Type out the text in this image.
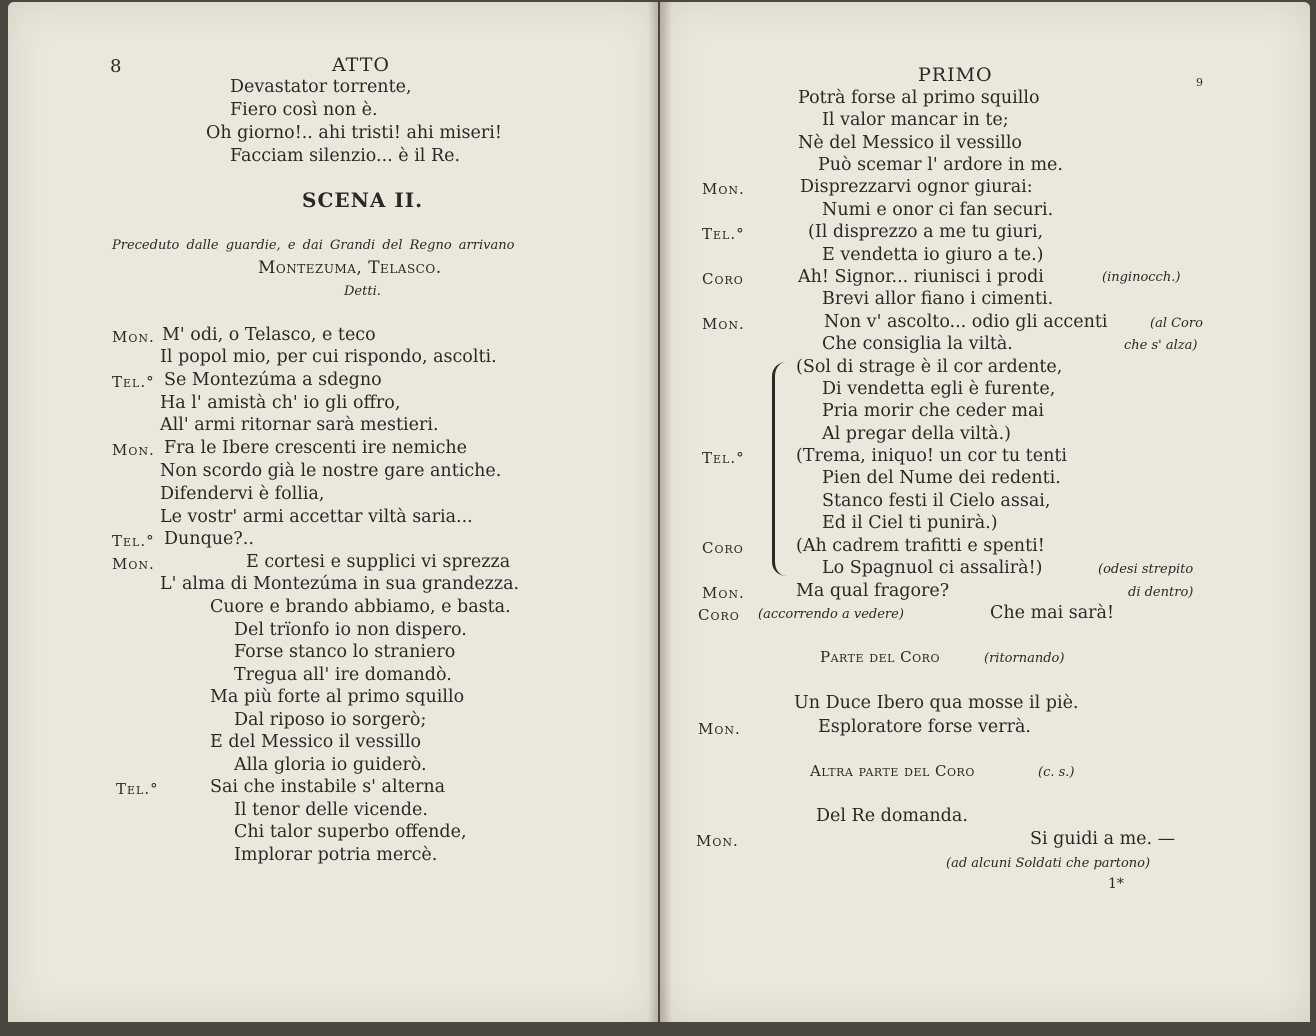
8	ATTO
Devastator torrente,
Fiero così non è.
Oh giorno!.. ahi tristi! ahi miseri!
Facciam silenzio... è il Re.
SCENA II.
Preceduto dalle guardie, e dai Grandi del Regno arrivano
Montezuma, Telasco.
Detti.
Mon. M' odi, o Telasco, e teco
Il popol mio, per cui rispondo, ascolti.
Tel.° Se Montezúma a sdegno
Ha l' amistà ch' io gli offro,
All' armi ritornar sarà mestieri.
Mon. Fra le Ibere crescenti ire nemiche
Non scordo già le nostre gare antiche.
Difendervi è follia,
Le vostr' armi accettar viltà saria...
Tel.° Dunque?..
Mon.	E cortesi e supplici vi sprezza
L' alma di Montezúma in sua grandezza.
Cuore e brando abbiamo, e basta.
Del trïonfo io non dispero.
Forse stanco lo straniero
Tregua all' ire domandò.
Ma più forte al primo squillo
Dal riposo io sorgerò;
E del Messico il vessillo
Alla gloria io guiderò.
Tel.°	Sai che instabile s' alterna
Il tenor delle vicende.
Chi talor superbo offende,
Implorar potria mercè.
PRIMO	9
Potrà forse al primo squillo
Il valor mancar in te;
Nè del Messico il vessillo
Può scemar l' ardore in me.
Mon.	Disprezzarvi ognor giurai:
Numi e onor ci fan securi.
Tel.°	(Il disprezzo a me tu giuri,
E vendetta io giuro a te.)
Coro	Ah! Signor... riunisci i prodi	(inginocch.)
Brevi allor fiano i cimenti.
Mon.	Non v' ascolto... odio gli accenti	(al Coro
Che consiglia la viltà.	che s' alza)
(Sol di strage è il cor ardente,
Di vendetta egli è furente,
Pria morir che ceder mai
Al pregar della viltà.)
Tel.°	(Trema, iniquo! un cor tu tenti
Pien del Nume dei redenti.
Stanco festi il Cielo assai,
Ed il Ciel ti punirà.)
Coro	(Ah cadrem trafitti e spenti!
Lo Spagnuol ci assalirà!)	(odesi strepito
Mon.	Ma qual fragore?	di dentro)
Coro (accorrendo a vedere)	Che mai sarà!
Parte del Coro	(ritornando)
Un Duce Ibero qua mosse il piè.
Mon.	Esploratore forse verrà.
Altra parte del Coro	(c. s.)
Del Re domanda.
Mon.	Si guidi a me. —
(ad alcuni Soldati che partono)
1*
